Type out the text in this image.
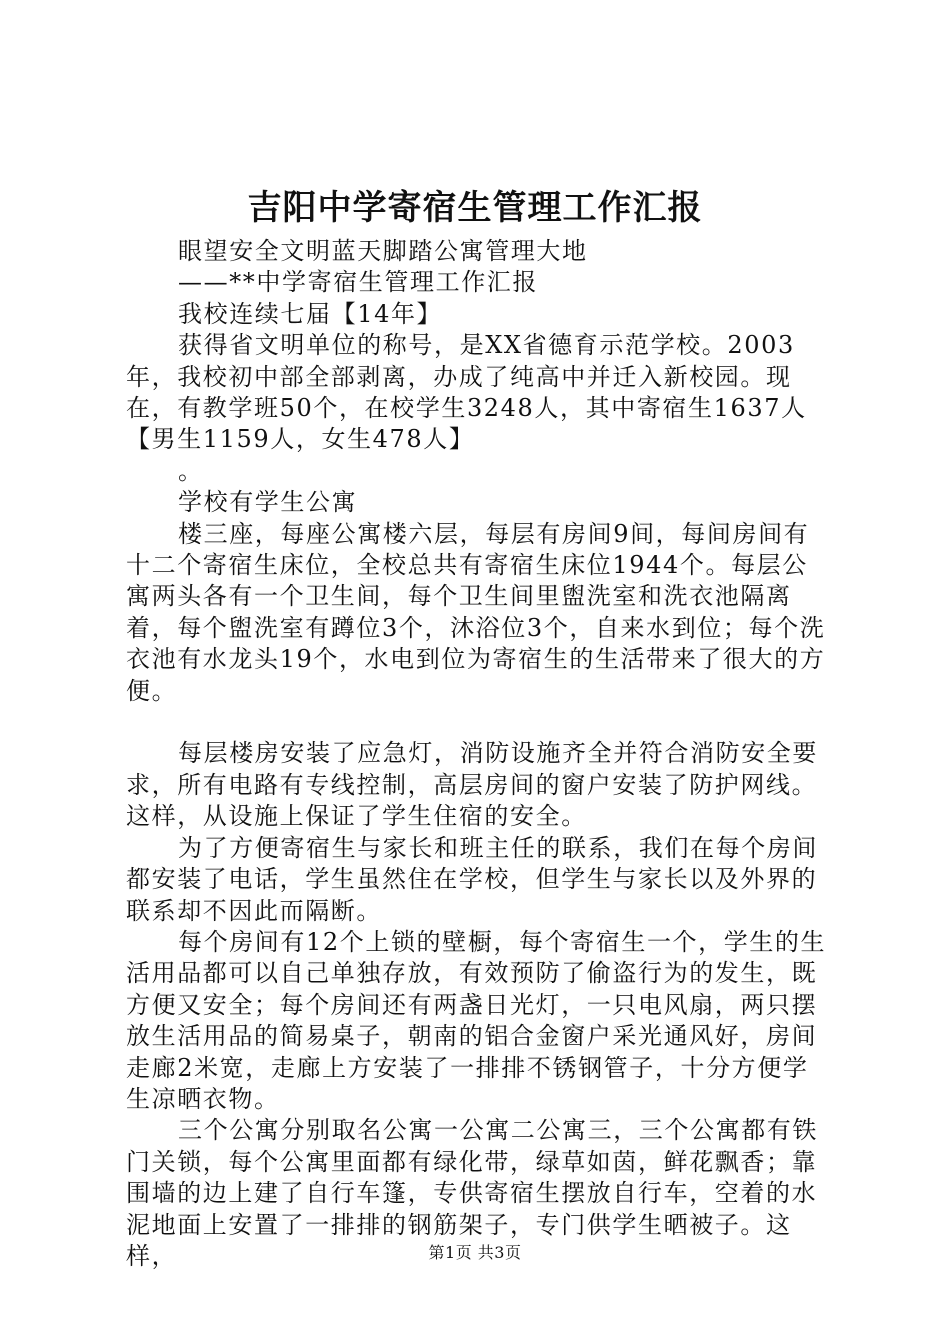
吉阳中学寄宿生管理工作汇报

眼望安全文明蓝天脚踏公寓管理大地

——**中学寄宿生管理工作汇报

我校连续七届【14年】

获得省文明单位的称号，是XX省德育示范学校。2003年，我校初中部全部剥离，办成了纯高中并迁入新校园。现在，有教学班50个，在校学生3248人，其中寄宿生1637人【男生1159人，女生478人】

。

学校有学生公寓

楼三座，每座公寓楼六层，每层有房间9间，每间房间有十二个寄宿生床位，全校总共有寄宿生床位1944个。每层公寓两头各有一个卫生间，每个卫生间里盥洗室和洗衣池隔离着，每个盥洗室有蹲位3个，沐浴位3个，自来水到位；每个洗衣池有水龙头19个，水电到位为寄宿生的生活带来了很大的方便。

每层楼房安装了应急灯，消防设施齐全并符合消防安全要求，所有电路有专线控制，高层房间的窗户安装了防护网线。这样，从设施上保证了学生住宿的安全。

为了方便寄宿生与家长和班主任的联系，我们在每个房间都安装了电话，学生虽然住在学校，但学生与家长以及外界的联系却不因此而隔断。

每个房间有12个上锁的壁橱，每个寄宿生一个，学生的生活用品都可以自己单独存放，有效预防了偷盗行为的发生，既方便又安全；每个房间还有两盏日光灯，一只电风扇，两只摆放生活用品的简易桌子，朝南的铝合金窗户采光通风好，房间走廊2米宽，走廊上方安装了一排排不锈钢管子，十分方便学生凉晒衣物。

三个公寓分别取名公寓一公寓二公寓三，三个公寓都有铁门关锁，每个公寓里面都有绿化带，绿草如茵，鲜花飘香；靠围墙的边上建了自行车篷，专供寄宿生摆放自行车，空着的水泥地面上安置了一排排的钢筋架子，专门供学生晒被子。这样，	第1页 共3页
